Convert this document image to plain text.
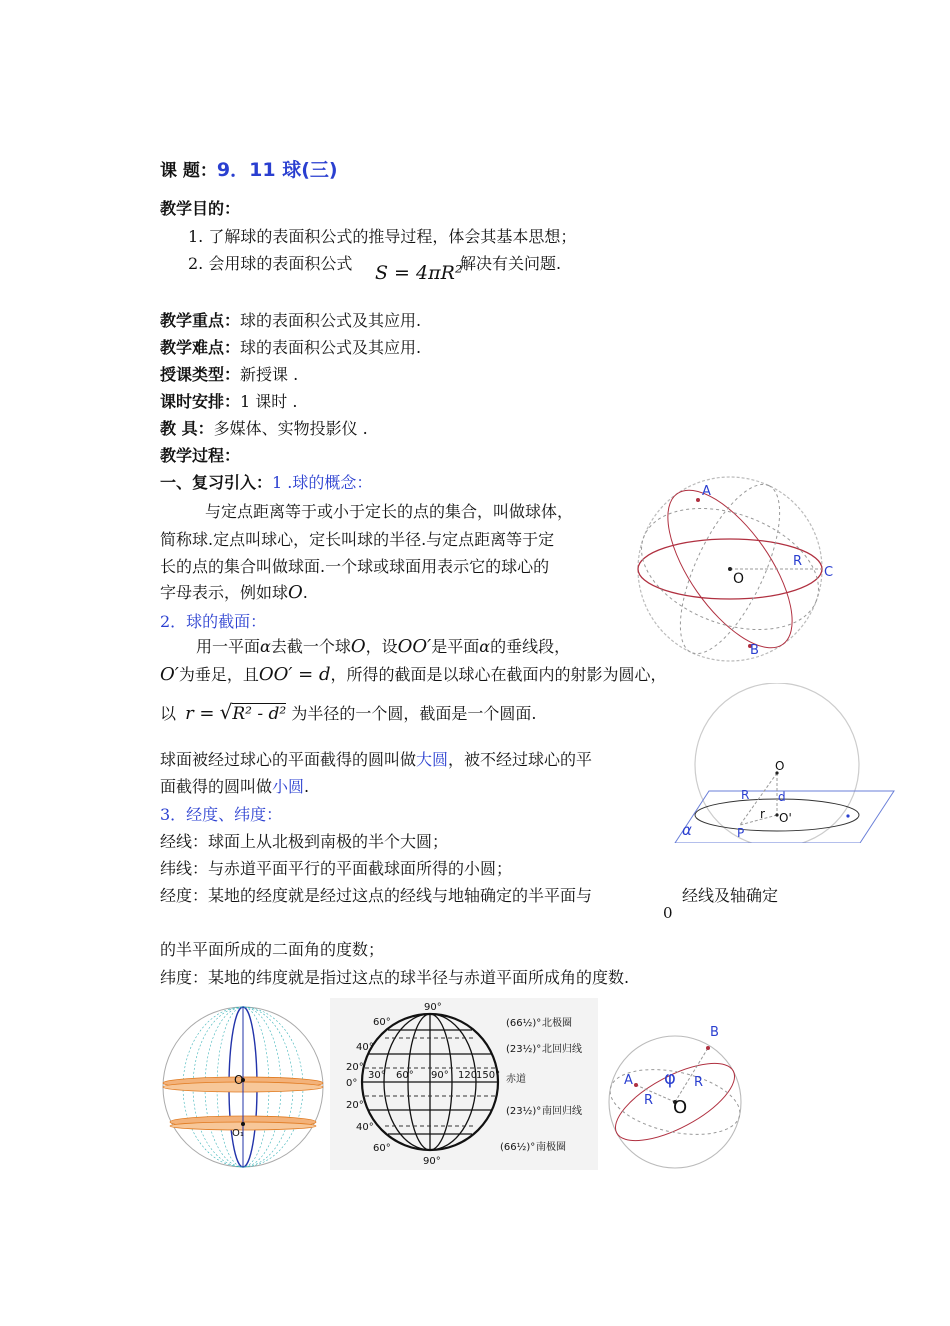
课 题：9．11 球(三)
教学目的：
1. 了解球的表面积公式的推导过程，体会其基本思想；
2. 会用球的表面积公式 S = 4πR²
解决有关问题.
教学重点：球的表面积公式及其应用.
教学难点：球的表面积公式及其应用.
授课类型：新授课 .
课时安排：1 课时 .
教 具：多媒体、实物投影仪 .
教学过程：
一、复习引入：1 .球的概念：
与定点距离等于或小于定长的点的集合，叫做球体，
简称球.定点叫球心，定长叫球的半径.与定点距离等于定
长的点的集合叫做球面.一个球或球面用表示它的球心的
字母表示，例如球O.
2．球的截面：
用一平面α去截一个球O，设OO′是平面α的垂线段，
O′为垂足，且OO′ = d，所得的截面是以球心在截面内的射影为圆心，
以 r = √R² - d² 为半径的一个圆，截面是一个圆面.
球面被经过球心的平面截得的圆叫做大圆，被不经过球心的平
面截得的圆叫做小圆.
3．经度、纬度：
经线：球面上从北极到南极的半个大圆；
纬线：与赤道平面平行的平面截球面所得的小圆；
经度：某地的经度就是经过这点的经线与地轴确定的半平面与
0
经线及轴确定
的半平面所成的二面角的度数；
纬度：某地的纬度就是指过这点的球半径与赤道平面所成角的度数.
A
B
C
R
O
O
R d
r O'
P
α
O
O₁
90°
90°
60°
40°
20°
0°
20°
40°
60°
30° 60° 90° 120
150°
(66½)° 北极圈
(23½)° 北回归线
赤道
(23½)° 南回归线
(66½)° 南极圈
B
A φ R
R O
